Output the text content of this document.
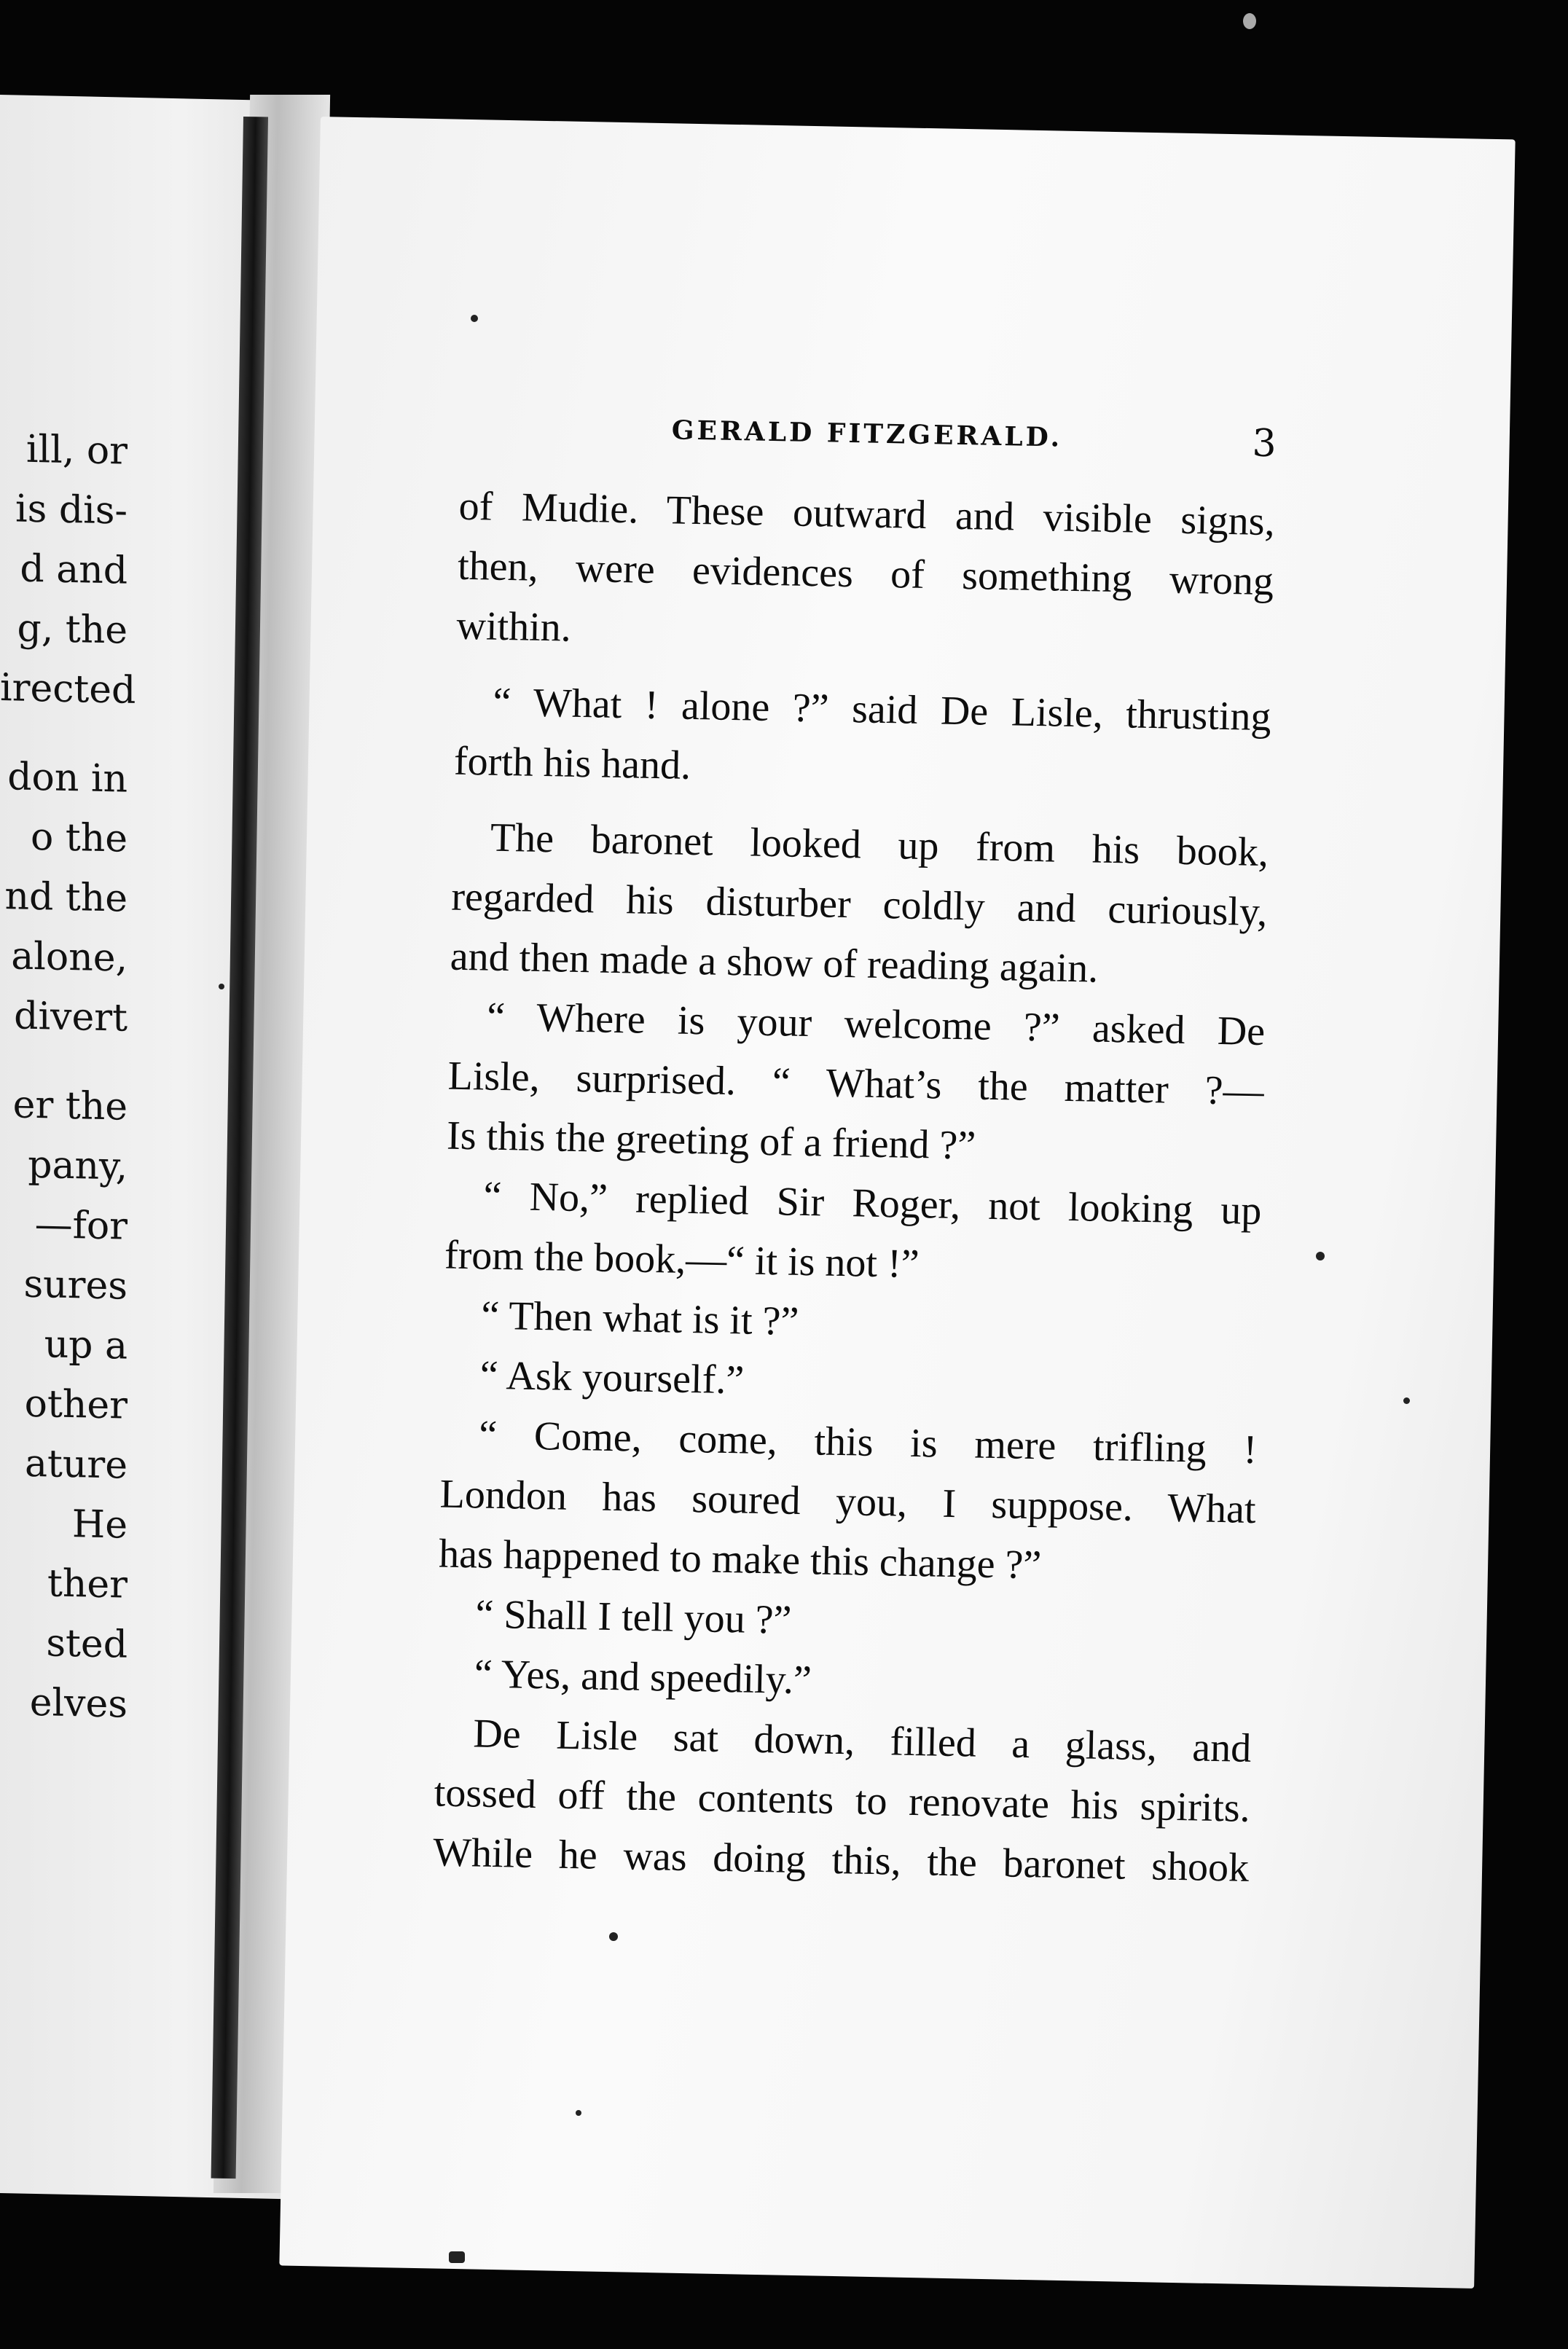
ill, or
is dis-
d and
g, the
irected
don in
o the
nd the
alone,
divert
er the
pany,
—for
sures
up a
other
ature
He
ther
sted
elves
GERALD FITZGERALD.	3
of Mudie. These outward and visible signs,
then, were evidences of something wrong
within.
“ What ! alone ?” said De Lisle, thrusting
forth his hand.
The baronet looked up from his book,
regarded his disturber coldly and curiously,
and then made a show of reading again.
“ Where is your welcome ?” asked De
Lisle, surprised. “ What’s the matter ?—
Is this the greeting of a friend ?”
“ No,” replied Sir Roger, not looking up
from the book,—“ it is not !”
“ Then what is it ?”
“ Ask yourself.”
“ Come, come, this is mere trifling !
London has soured you, I suppose. What
has happened to make this change ?”
“ Shall I tell you ?”
“ Yes, and speedily.”
De Lisle sat down, filled a glass, and
tossed off the contents to renovate his spirits.
While he was doing this, the baronet shook
